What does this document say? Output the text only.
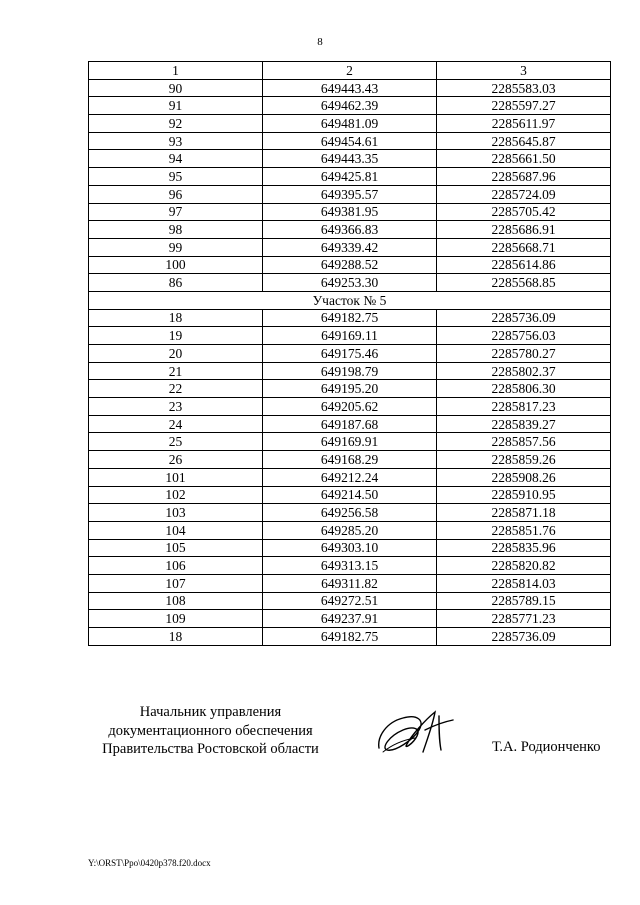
8
1	2	3
90	649443.43	2285583.03
91	649462.39	2285597.27
92	649481.09	2285611.97
93	649454.61	2285645.87
94	649443.35	2285661.50
95	649425.81	2285687.96
96	649395.57	2285724.09
97	649381.95	2285705.42
98	649366.83	2285686.91
99	649339.42	2285668.71
100	649288.52	2285614.86
86	649253.30	2285568.85
Участок № 5		
18	649182.75	2285736.09
19	649169.11	2285756.03
20	649175.46	2285780.27
21	649198.79	2285802.37
22	649195.20	2285806.30
23	649205.62	2285817.23
24	649187.68	2285839.27
25	649169.91	2285857.56
26	649168.29	2285859.26
101	649212.24	2285908.26
102	649214.50	2285910.95
103	649256.58	2285871.18
104	649285.20	2285851.76
105	649303.10	2285835.96
106	649313.15	2285820.82
107	649311.82	2285814.03
108	649272.51	2285789.15
109	649237.91	2285771.23
18	649182.75	2285736.09
Начальник управления
документационного обеспечения
Правительства Ростовской области	Т.А. Родионченко
Y:\ORST\Ppo\0420p378.f20.docx
